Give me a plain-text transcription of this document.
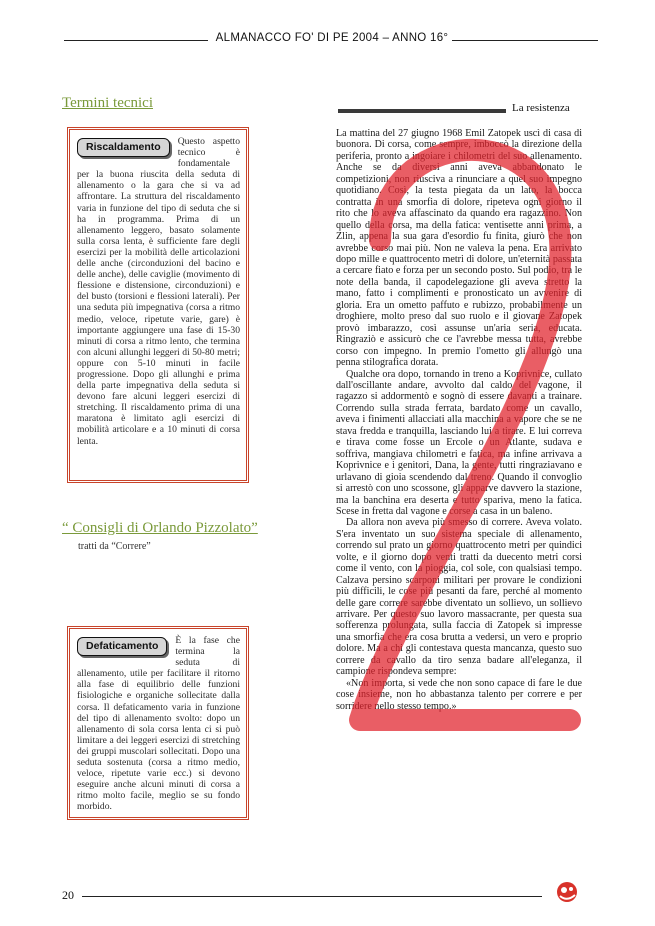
ALMANACCO FO' DI PE 2004 – ANNO 16°
Termini tecnici
Riscaldamento	Questo aspetto tecnico è fondamentale per la buona riuscita della seduta di allenamento o la gara che si va ad affrontare. La struttura del riscaldamento varia in funzione del tipo di seduta che si ha in programma. Prima di un allenamento leggero, basato solamente sulla corsa lenta, è sufficiente fare degli esercizi per la mobilità delle articolazioni delle anche (circonduzioni del bacino e delle anche), delle caviglie (movimento di flessione e distensione, circonduzioni) e del busto (torsioni e flessioni laterali). Per una seduta più impegnativa (corsa a ritmo medio, veloce, ripetute varie, gare) è importante aggiungere una fase di 15-30 minuti di corsa a ritmo lento, che termina con alcuni allunghi leggeri di 50-80 metri; oppure con 5-10 minuti in facile progressione. Dopo gli allunghi e prima della parte impegnativa della seduta si devono fare alcuni leggeri esercizi di stretching. Il riscaldamento prima di una maratona è limitato agli esercizi di mobilità articolare e a 10 minuti di corsa lenta.

“ Consigli di Orlando Pizzolato”
tratti da “Correre”
Defaticamento	È la fase che termina la seduta di allenamento, utile per facilitare il ritorno alla fase di equilibrio delle funzioni fisiologiche e organiche sollecitate dalla corsa. Il defaticamento varia in funzione del tipo di allenamento svolto: dopo un allenamento di sola corsa lenta ci si può limitare a dei leggeri esercizi di stretching dei gruppi muscolari sollecitati. Dopo una seduta sostenuta (corsa a ritmo medio, veloce, ripetute varie ecc.) si devono eseguire anche alcuni minuti di corsa a ritmo molto facile, meglio se su fondo morbido.

La resistenza

La mattina del 27 giugno 1968 Emil Zatopek uscì di casa di buonora. Di corsa, come sempre, imboccò la direzione della periferia, pronto a ingoiare i chilometri del suo allenamento. Anche se da diversi anni aveva abbandonato le competizioni, non riusciva a rinunciare a quel suo impegno quotidiano. Così, la testa piegata da un lato, la bocca contratta in una smorfia di dolore, ripeteva ogni giorno il rito che lo aveva affascinato da quando era ragazzino. Non quello della corsa, ma della fatica: ventisette anni prima, a Zlin, appena la sua gara d'esordio fu finita, giurò che non avrebbe corso mai più. Non ne valeva la pena. Era arrivato dopo mille e quattrocento metri di dolore, un'eternità passata a cercare fiato e forza per un secondo posto. Sul podio, tra le note della banda, il capodelegazione gli aveva stretto la mano, fatto i complimenti e pronosticato un avvenire di gloria. Era un ometto paffuto e rubizzo, probabilmente un droghiere, molto preso dal suo ruolo e il giovane Zatopek provò imbarazzo, così assunse un'aria seria, educata. Ringraziò e assicurò che ce l'avrebbe messa tutta, avrebbe corso con impegno. In premio l'ometto gli allungò una penna stilografica dorata.

Qualche ora dopo, tornando in treno a Koprivnice, cullato dall'oscillante andare, avvolto dal caldo del vagone, il ragazzo si addormentò e sognò di essere davanti a trainare. Correndo sulla strada ferrata, bardato come un cavallo, aveva i finimenti allacciati alla macchina a vapore che se ne stava fredda e tranquilla, lasciando lui a tirare. E lui correva e tirava come fosse un Ercole o un Atlante, sudava e soffriva, mangiava chilometri e fatica, ma infine arrivava a Koprivnice e i genitori, Dana, la gente, tutti ringraziavano e urlavano di gioia scendendo dal treno. Quando il convoglio si arrestò con uno scossone, gli apparve davvero la stazione, ma la banchina era deserta e tutto spariva, meno la fatica. Scese in fretta dal vagone e corse a casa in un baleno.

Da allora non aveva più smesso di correre. Aveva volato. S'era inventato un suo sistema speciale di allenamento, correndo sul prato un giorno quattrocento metri per quindici volte, e il giorno dopo venti tratti da duecento metri corsi come il vento, con la pioggia, col sole, con qualsiasi tempo. Calzava persino scarponi militari per provare le condizioni più difficili, le cose più pesanti da fare, perché al momento delle gare correre sarebbe diventato un sollievo, un sollievo arrivare. Per questo suo lavoro massacrante, per questa sua sofferenza prolungata, sulla faccia di Zatopek si impresse una smorfia che era cosa brutta a vedersi, un vero e proprio dolore. Ma a chi gli contestava questa mancanza, questo suo correre da cavallo da tiro senza badare all'eleganza, il campione rispondeva sempre:

«Non importa, si vede che non sono capace di fare le due cose insieme, non ho abbastanza talento per correre e per sorridere nello stesso tempo.»

20
